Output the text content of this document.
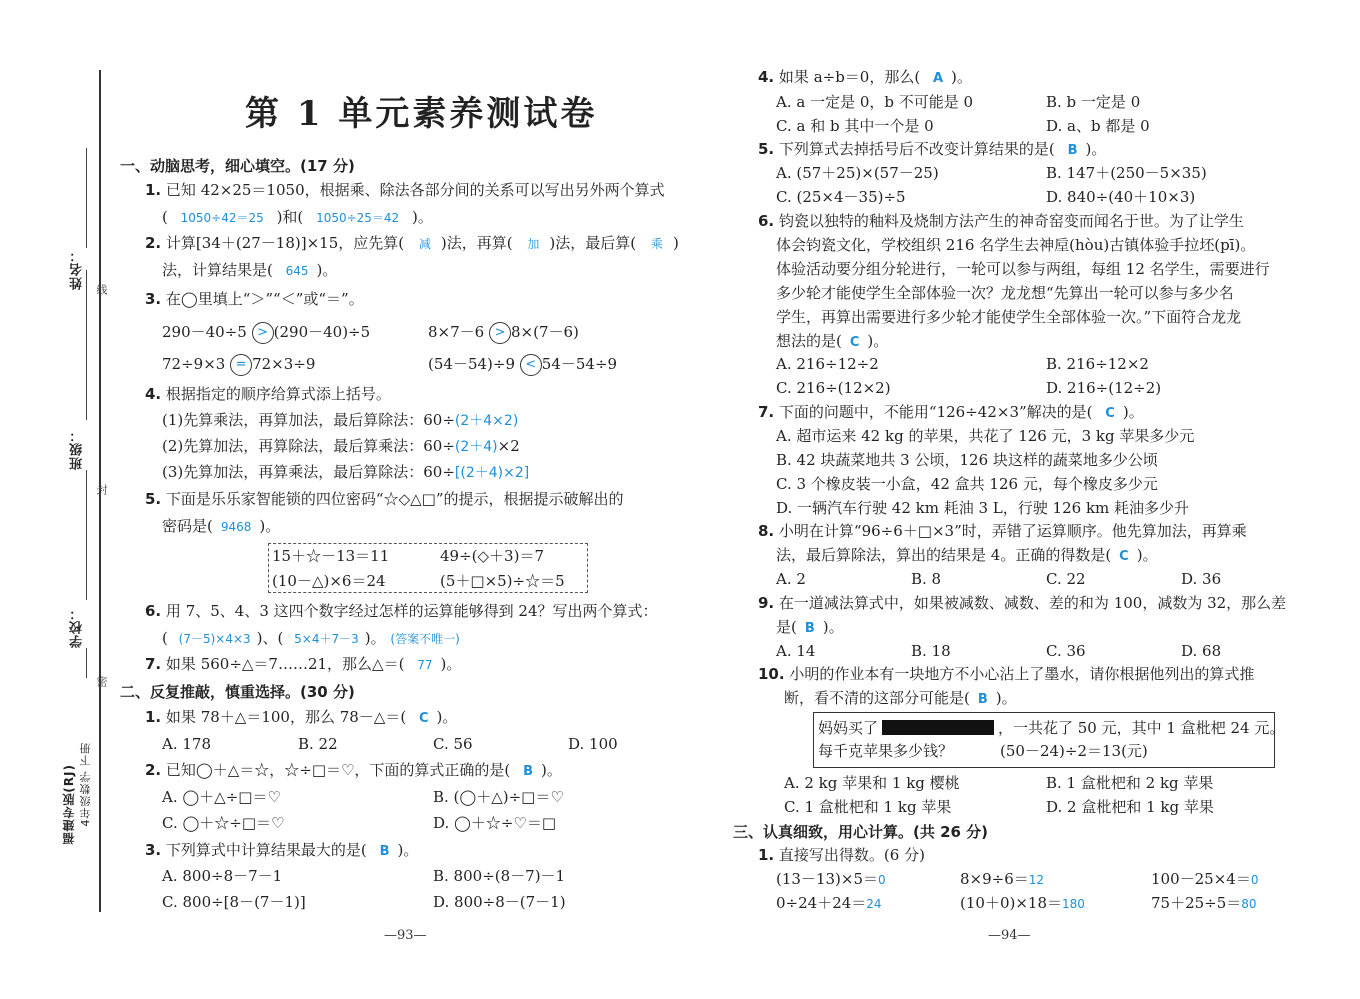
姓名： 线
班级：
封
学校：
密
福建专版(RJ) 4年级数学 下册
第 1 单元素养测试卷
一、动脑思考，细心填空。(17 分)
1. 已知 42×25＝1050，根据乘、除法各部分间的关系可以写出另外两个算式
( 1050÷42＝25 )和( 1050÷25＝42 )。
2. 计算[34＋(27－18)]×15，应先算( 减 )法，再算( 加 )法，最后算( 乘 )
法，计算结果是( 645 )。
3. 在◯里填上“＞”“＜”或“＝”。
290－40÷5 > (290－40)÷5	8×7－6 > 8×(7－6)
72÷9×3 = 72×3÷9	(54－54)÷9 < 54－54÷9
4. 根据指定的顺序给算式添上括号。
(1)先算乘法，再算加法，最后算除法：60÷(2＋4×2)
(2)先算加法，再算除法，最后算乘法：60÷(2＋4)×2
(3)先算加法，再算乘法，最后算除法：60÷[(2＋4)×2]
5. 下面是乐乐家智能锁的四位密码“☆◇△□”的提示，根据提示破解出的
密码是( 9468 )。
15＋☆－13＝11	49÷(◇＋3)＝7
(10－△)×6＝24	(5＋□×5)÷☆＝5
6. 用 7、5、4、3 这四个数字经过怎样的运算能够得到 24？写出两个算式：
( (7－5)×4×3 )、( 5×4＋7－3 )。 (答案不唯一)
7. 如果 560÷△＝7……21，那么△＝( 77 )。
二、反复推敲，慎重选择。(30 分)
1. 如果 78＋△＝100，那么 78－△＝( C )。
A. 178	B. 22	C. 56	D. 100
2. 已知◯＋△＝☆，☆÷□＝♡，下面的算式正确的是( B )。
A. ◯＋△÷□＝♡	B. (◯＋△)÷□＝♡
C. ◯＋☆÷□＝♡	D. ◯＋☆÷♡＝□
3. 下列算式中计算结果最大的是( B )。
A. 800÷8－7－1	B. 800÷(8－7)－1
C. 800÷[8－(7－1)]	D. 800÷8－(7－1)
—93—
4. 如果 a÷b＝0，那么( A )。
A. a 一定是 0，b 不可能是 0	B. b 一定是 0
C. a 和 b 其中一个是 0	D. a、b 都是 0
5. 下列算式去掉括号后不改变计算结果的是( B )。
A. (57＋25)×(57－25)	B. 147＋(250－5×35)
C. (25×4－35)÷5	D. 840÷(40＋10×3)
6. 钧瓷以独特的釉料及烧制方法产生的神奇窑变而闻名于世。为了让学生
体会钧瓷文化，学校组织 216 名学生去神垕(hòu)古镇体验手拉坯(pī)。
体验活动要分组分轮进行，一轮可以参与两组，每组 12 名学生，需要进行
多少轮才能使学生全部体验一次？龙龙想“先算出一轮可以参与多少名
学生，再算出需要进行多少轮才能使学生全部体验一次。”下面符合龙龙
想法的是( C )。
A. 216÷12÷2	B. 216÷12×2
C. 216÷(12×2)	D. 216÷(12÷2)
7. 下面的问题中，不能用“126÷42×3”解决的是( C )。
A. 超市运来 42 kg 的苹果，共花了 126 元，3 kg 苹果多少元
B. 42 块蔬菜地共 3 公顷，126 块这样的蔬菜地多少公顷
C. 3 个橡皮装一小盒，42 盒共 126 元，每个橡皮多少元
D. 一辆汽车行驶 42 km 耗油 3 L，行驶 126 km 耗油多少升
8. 小明在计算“96÷6＋□×3”时，弄错了运算顺序。他先算加法，再算乘
法，最后算除法，算出的结果是 4。正确的得数是( C )。
A. 2	B. 8	C. 22	D. 36
9. 在一道减法算式中，如果被减数、减数、差的和为 100，减数为 32，那么差
是( B )。
A. 14	B. 18	C. 36	D. 68
10. 小明的作业本有一块地方不小心沾上了墨水，请你根据他列出的算式推
断，看不清的这部分可能是( B )。
妈妈买了	，一共花了 50 元，其中 1 盒枇杷 24 元。
每千克苹果多少钱？	(50－24)÷2＝13(元)
A. 2 kg 苹果和 1 kg 樱桃	B. 1 盒枇杷和 2 kg 苹果
C. 1 盒枇杷和 1 kg 苹果	D. 2 盒枇杷和 1 kg 苹果
三、认真细致，用心计算。(共 26 分)
1. 直接写出得数。(6 分)
(13－13)×5＝0	8×9÷6＝12	100－25×4＝0
0÷24＋24＝24	(10＋0)×18＝180	75＋25÷5＝80
—94—
